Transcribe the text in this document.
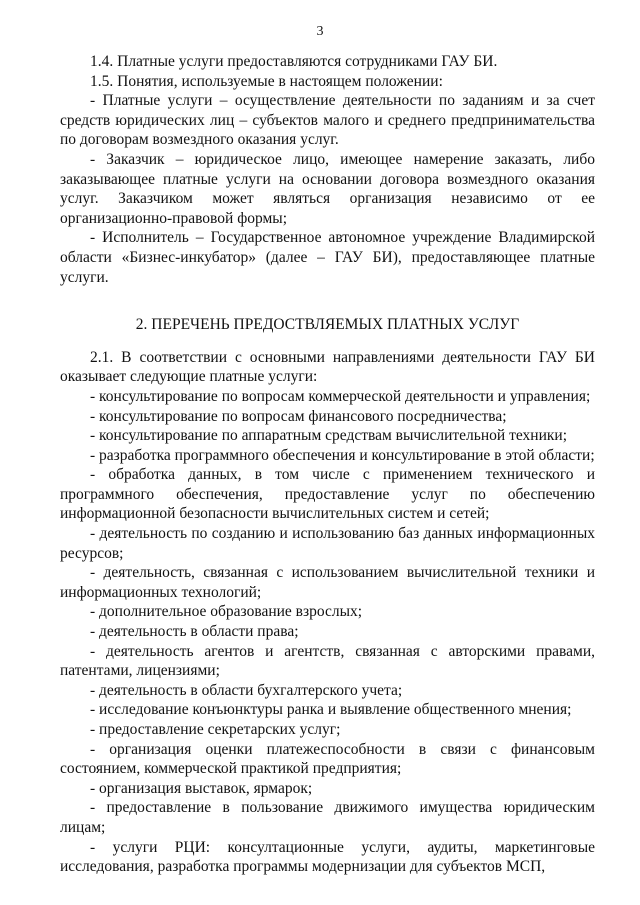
3

1.4. Платные услуги предоставляются сотрудниками ГАУ БИ.

1.5. Понятия, используемые в настоящем положении:

- Платные услуги – осуществление деятельности по заданиям и за счет средств юридических лиц – субъектов малого и среднего предпринимательства по договорам возмездного оказания услуг.

- Заказчик – юридическое лицо, имеющее намерение заказать, либо заказывающее платные услуги на основании договора возмездного оказания услуг. Заказчиком может являться организация независимо от ее организационно-правовой формы;

- Исполнитель – Государственное автономное учреждение Владимирской области «Бизнес-инкубатор» (далее – ГАУ БИ), предоставляющее платные услуги.

2. ПЕРЕЧЕНЬ ПРЕДОСТВЛЯЕМЫХ ПЛАТНЫХ УСЛУГ

2.1. В соответствии с основными направлениями деятельности ГАУ БИ оказывает следующие платные услуги:

- консультирование по вопросам коммерческой деятельности и управления;

- консультирование по вопросам финансового посредничества;

- консультирование по аппаратным средствам вычислительной техники;

- разработка программного обеспечения и консультирование в этой области;

- обработка данных, в том числе с применением технического и программного обеспечения, предоставление услуг по обеспечению информационной безопасности вычислительных систем и сетей;

- деятельность по созданию и использованию баз данных информационных ресурсов;

- деятельность, связанная с использованием вычислительной техники и информационных технологий;

- дополнительное образование взрослых;

- деятельность в области права;

- деятельность агентов и агентств, связанная с авторскими правами, патентами, лицензиями;

- деятельность в области бухгалтерского учета;

- исследование конъюнктуры ранка и выявление общественного мнения;

- предоставление секретарских услуг;

- организация оценки платежеспособности в связи с финансовым состоянием, коммерческой практикой предприятия;

- организация выставок, ярмарок;

- предоставление в пользование движимого имущества юридическим лицам;

- услуги РЦИ: консултационные услуги, аудиты, маркетинговые исследования, разработка программы модернизации для субъектов МСП,
